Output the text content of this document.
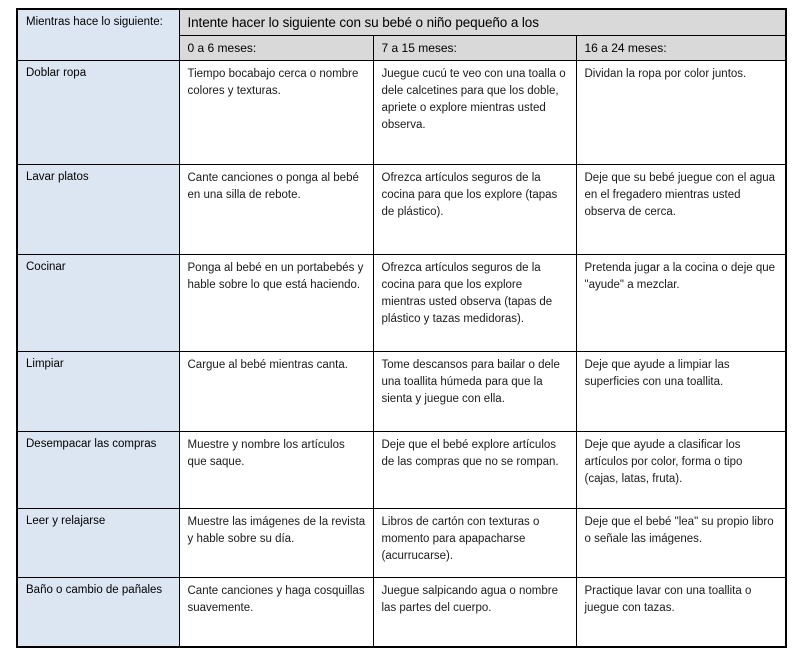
Mientras hace lo siguiente:	Intente hacer lo siguiente con su bebé o niño pequeño a los		
	0 a 6 meses:	7 a 15 meses:	16 a 24 meses:
Doblar ropa	Tiempo bocabajo cerca o nombre colores y texturas.	Juegue cucú te veo con una toalla o dele calcetines para que los doble, apriete o explore mientras usted observa.	Dividan la ropa por color juntos.
Lavar platos	Cante canciones o ponga al bebé en una silla de rebote.	Ofrezca artículos seguros de la cocina para que los explore (tapas de plástico).	Deje que su bebé juegue con el agua en el fregadero mientras usted observa de cerca.
Cocinar	Ponga al bebé en un portabebés y hable sobre lo que está haciendo.	Ofrezca artículos seguros de la cocina para que los explore mientras usted observa (tapas de plástico y tazas medidoras).	Pretenda jugar a la cocina o deje que "ayude" a mezclar.
Limpiar	Cargue al bebé mientras canta.	Tome descansos para bailar o dele una toallita húmeda para que la sienta y juegue con ella.	Deje que ayude a limpiar las superficies con una toallita.
Desempacar las compras	Muestre y nombre los artículos que saque.	Deje que el bebé explore artículos de las compras que no se rompan.	Deje que ayude a clasificar los artículos por color, forma o tipo (cajas, latas, fruta).
Leer y relajarse	Muestre las imágenes de la revista y hable sobre su día.	Libros de cartón con texturas o momento para apapacharse (acurrucarse).	Deje que el bebé "lea" su propio libro o señale las imágenes.
Baño o cambio de pañales	Cante canciones y haga cosquillas suavemente.	Juegue salpicando agua o nombre las partes del cuerpo.	Practique lavar con una toallita o juegue con tazas.
